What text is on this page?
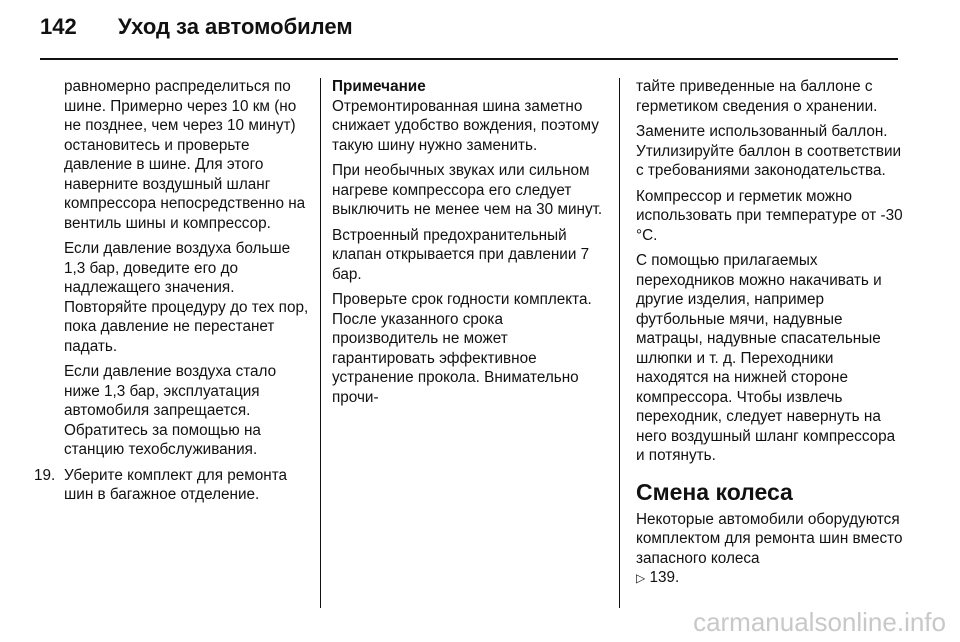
142	Уход за автомобилем

равномерно распределиться по шине. Примерно через 10 км (но не позднее, чем через 10 минут) остановитесь и проверьте давление в шине. Для этого наверните воздушный шланг компрессора непосредственно на вентиль шины и компрессор.

Если давление воздуха больше 1,3 бар, доведите его до надлежащего значения. Повторяйте процедуру до тех пор, пока давление не перестанет падать.

Если давление воздуха стало ниже 1,3 бар, эксплуатация автомобиля запрещается. Обратитесь за помощью на станцию техобслуживания.

19. Уберите комплект для ремонта шин в багажное отделение.
Примечание

Отремонтированная шина заметно снижает удобство вождения, поэтому такую шину нужно заменить.

При необычных звуках или сильном нагреве компрессора его следует выключить не менее чем на 30 минут.

Встроенный предохранительный клапан открывается при давлении 7 бар.

Проверьте срок годности комплекта. После указанного срока производитель не может гарантировать эффективное устранение прокола. Внимательно прочи-

тайте приведенные на баллоне с герметиком сведения о хранении.

Замените использованный баллон. Утилизируйте баллон в соответствии с требованиями законодательства.

Компрессор и герметик можно использовать при температуре от -30 °C.

С помощью прилагаемых переходников можно накачивать и другие изделия, например футбольные мячи, надувные матрацы, надувные спасательные шлюпки и т. д. Переходники находятся на нижней стороне компрессора. Чтобы извлечь переходник, следует навернуть на него воздушный шланг компрессора и потянуть.

Смена колеса

Некоторые автомобили оборудуются комплектом для ремонта шин вместо запасного колеса
▷ 139.

carmanualsonline.info
